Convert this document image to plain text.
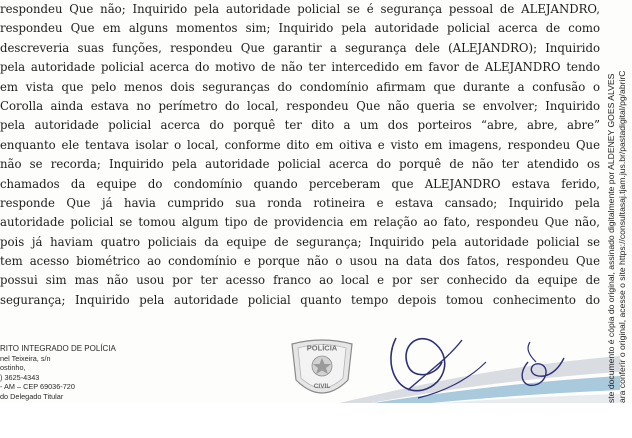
respondeu Que não; Inquirido pela autoridade policial se é segurança pessoal de ALEJANDRO,
respondeu Que em alguns momentos sim; Inquirido pela autoridade policial acerca de como
descreveria suas funções, respondeu Que garantir a segurança dele (ALEJANDRO); Inquirido
pela autoridade policial acerca do motivo de não ter intercedido em favor de ALEJANDRO tendo
em vista que pelo menos dois seguranças do condomínio afirmam que durante a confusão o
Corolla ainda estava no perímetro do local, respondeu Que não queria se envolver; Inquirido
pela autoridade policial acerca do porquê ter dito a um dos porteiros “abre, abre, abre”
enquanto ele tentava isolar o local, conforme dito em oitiva e visto em imagens, respondeu Que
não se recorda; Inquirido pela autoridade policial acerca do porquê de não ter atendido os
chamados da equipe do condomínio quando perceberam que ALEJANDRO estava ferido,
responde Que já havia cumprido sua ronda rotineira e estava cansado; Inquirido pela
autoridade policial se tomou algum tipo de providencia em relação ao fato, respondeu Que não,
pois já haviam quatro policiais da equipe de segurança; Inquirido pela autoridade policial se
tem acesso biométrico ao condomínio e porque não o usou na data dos fatos, respondeu Que
possui sim mas não usou por ter acesso franco ao local e por ser conhecido da equipe de
segurança; Inquirido pela autoridade policial quanto tempo depois tomou conhecimento do
RITO INTEGRADO DE POLÍCIA
nel Teixeira, s/n
ostinho,
) 3625-4343
- AM – CEP 69036-720
do Delegado Titular
POLÍCIA
CIVIL	ste documento é cópia do original, assinado digitalmente por ALDENEY GOES ALVES ara conferir o original, acesse o site https://consultasaj.tjam.jus.br/pastadigital/pg/abrirC
